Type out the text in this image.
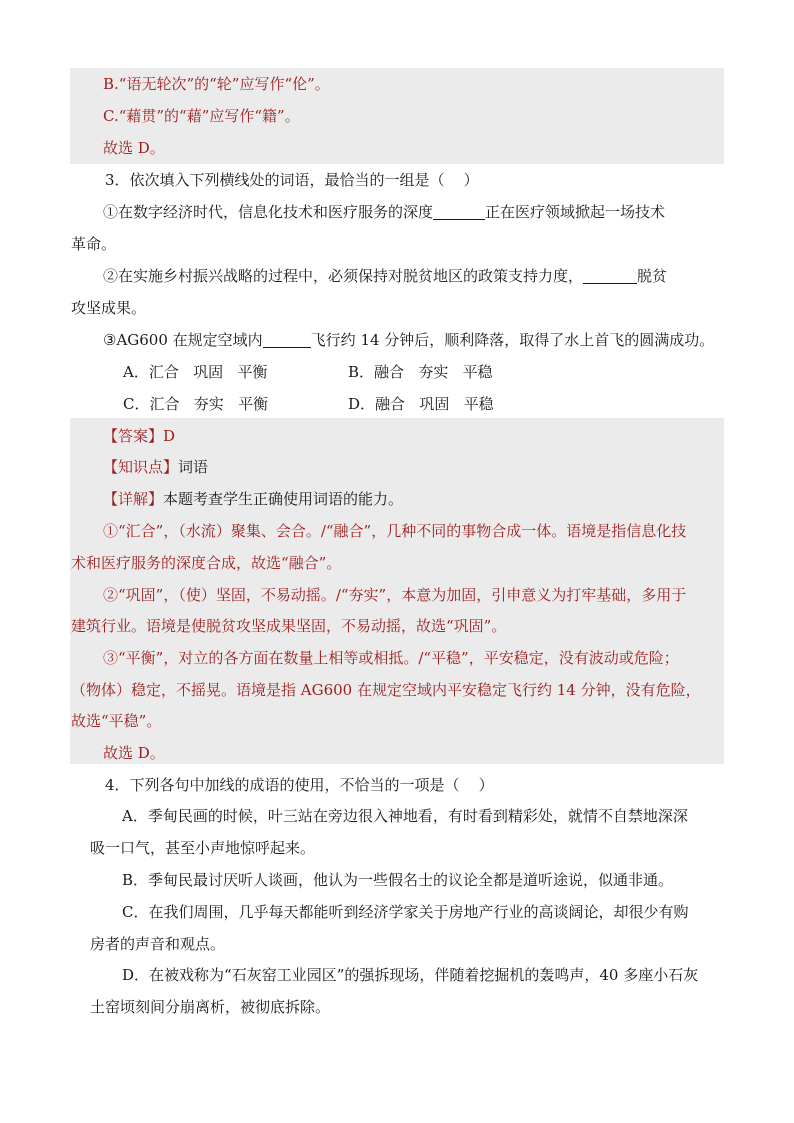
B.“语无轮次”的“轮”应写作“伦”。
C.“藉贯”的“藉”应写作“籍”。
故选 D。
3．依次填入下列横线处的词语，最恰当的一组是（    ）
①在数字经济时代，信息化技术和医疗服务的深度	正在医疗领域掀起一场技术
革命。
②在实施乡村振兴战略的过程中，必须保持对脱贫地区的政策支持力度，	脱贫
攻坚成果。
③AG600 在规定空域内	飞行约 14 分钟后，顺利降落，取得了水上首飞的圆满成功。
A．汇合   巩固   平衡	B．融合   夯实   平稳
C．汇合   夯实   平衡	D．融合   巩固   平稳
【答案】D
【知识点】词语
【详解】本题考查学生正确使用词语的能力。
①“汇合”，（水流）聚集、会合。/“融合”，几种不同的事物合成一体。语境是指信息化技
术和医疗服务的深度合成，故选“融合”。
②“巩固”，（使）坚固，不易动摇。/“夯实”，本意为加固，引申意义为打牢基础，多用于
建筑行业。语境是使脱贫攻坚成果坚固，不易动摇，故选“巩固”。
③“平衡”，对立的各方面在数量上相等或相抵。/“平稳”，平安稳定，没有波动或危险；
（物体）稳定，不摇晃。语境是指 AG600 在规定空域内平安稳定飞行约 14 分钟，没有危险，
故选“平稳”。
故选 D。
4．下列各句中加线的成语的使用，不恰当的一项是（    ）
A．季甸民画的时候，叶三站在旁边很入神地看，有时看到精彩处，就情不自禁地深深
吸一口气，甚至小声地惊呼起来。
B．季甸民最讨厌听人谈画，他认为一些假名士的议论全都是道听途说，似通非通。
C．在我们周围，几乎每天都能听到经济学家关于房地产行业的高谈阔论，却很少有购
房者的声音和观点。
D．在被戏称为“石灰窑工业园区”的强拆现场，伴随着挖掘机的轰鸣声，40 多座小石灰
土窑顷刻间分崩离析，被彻底拆除。
